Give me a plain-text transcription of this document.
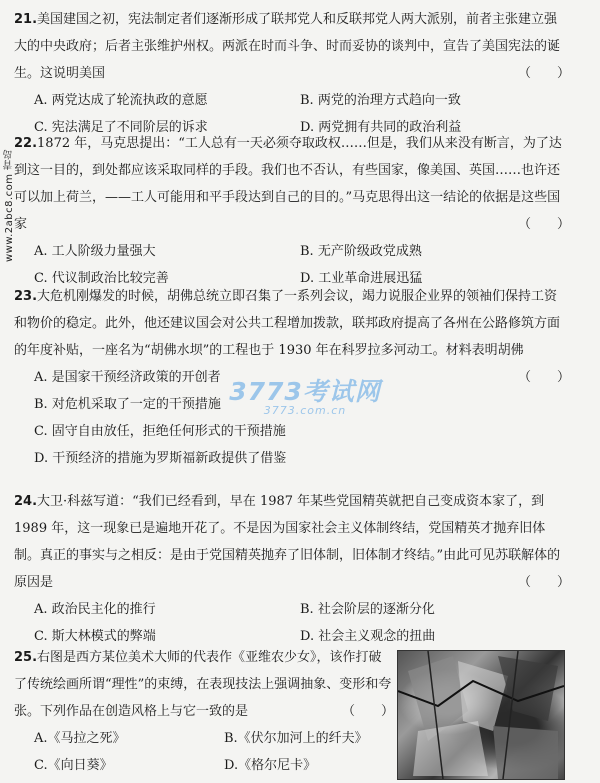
www.2abc8.com 青岛
21.美国建国之初，宪法制定者们逐渐形成了联邦党人和反联邦党人两大派别，前者主张建立强大的中央政府；后者主张维护州权。两派在时而斗争、时而妥协的谈判中，宣告了美国宪法的诞生。这说明美国	（　　）
A. 两党达成了轮流执政的意愿	B. 两党的治理方式趋向一致
C. 宪法满足了不同阶层的诉求	D. 两党拥有共同的政治利益
22.1872 年，马克思提出：“工人总有一天必须夺取政权……但是，我们从来没有断言，为了达到这一目的，到处都应该采取同样的手段。我们也不否认，有些国家，像美国、英国……也许还可以加上荷兰，——工人可能用和平手段达到自己的目的。”马克思得出这一结论的依据是这些国家	（　　）
A. 工人阶级力量强大	B. 无产阶级政党成熟
C. 代议制政治比较完善	D. 工业革命进展迅猛
23.大危机刚爆发的时候，胡佛总统立即召集了一系列会议，竭力说服企业界的领袖们保持工资和物价的稳定。此外，他还建议国会对公共工程增加拨款，联邦政府提高了各州在公路修筑方面的年度补贴，一座名为“胡佛水坝”的工程也于 1930 年在科罗拉多河动工。材料表明胡佛
（　　）
A. 是国家干预经济政策的开创者
B. 对危机采取了一定的干预措施
C. 固守自由放任，拒绝任何形式的干预措施
D. 干预经济的措施为罗斯福新政提供了借鉴
24.大卫·科兹写道：“我们已经看到，早在 1987 年某些党国精英就把自己变成资本家了，到 1989 年，这一现象已是遍地开花了。不是因为国家社会主义体制终结，党国精英才抛弃旧体制。真正的事实与之相反：是由于党国精英抛弃了旧体制，旧体制才终结。”由此可见苏联解体的原因是	（　　）
A. 政治民主化的推行	B. 社会阶层的逐渐分化
C. 斯大林模式的弊端	D. 社会主义观念的扭曲
25.右图是西方某位美术大师的代表作《亚维农少女》，该作打破了传统绘画所谓“理性”的束缚，在表现技法上强调抽象、变形和夸张。下列作品在创造风格上与它一致的是	（　　）
A.《马拉之死》	B.《伏尔加河上的纤夫》
C.《向日葵》	D.《格尔尼卡》
3773考试网
3773.com.cn
